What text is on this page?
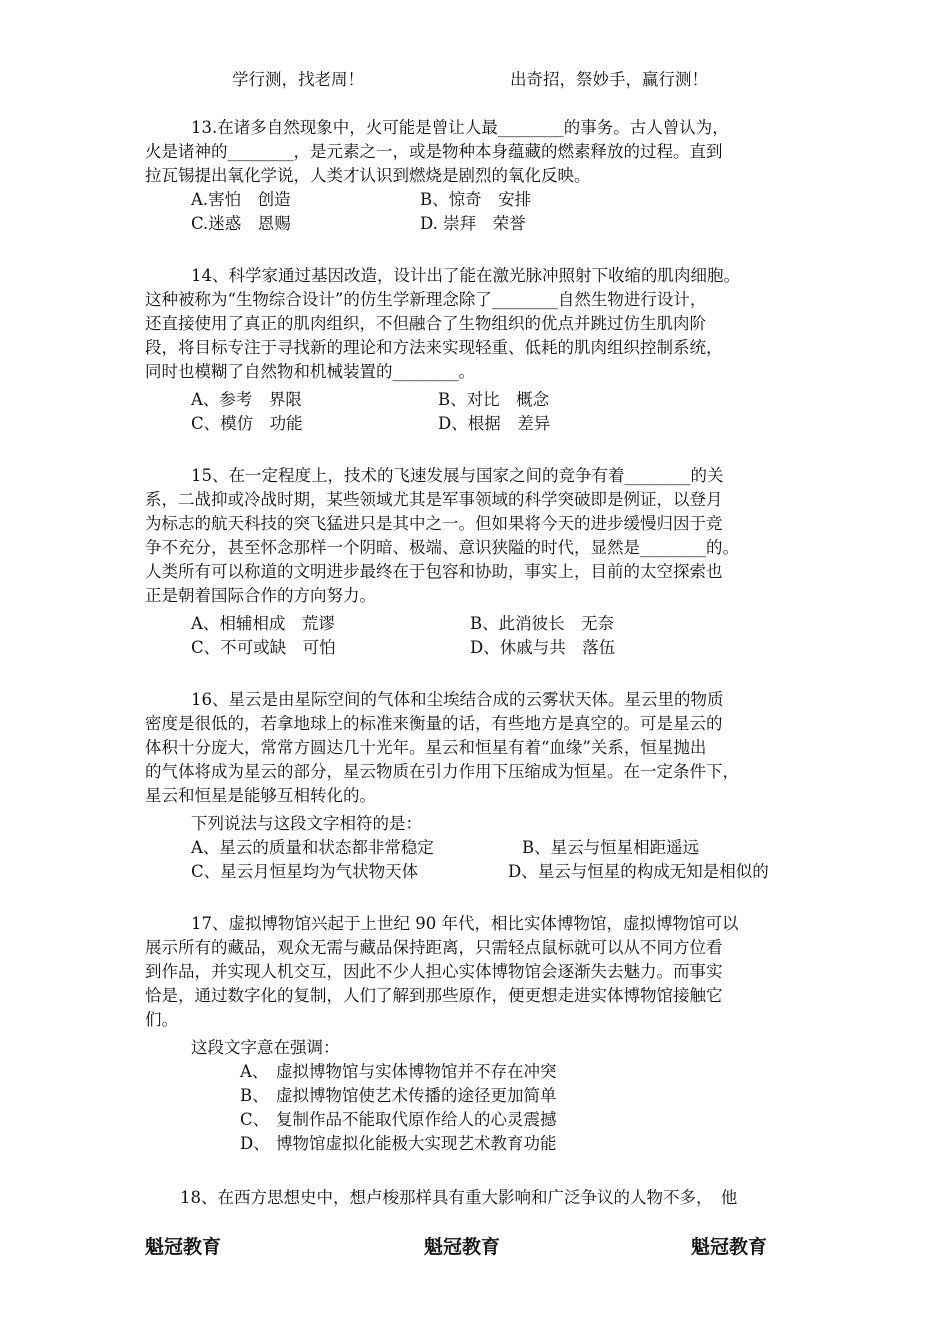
学行测，找老周！	出奇招，祭妙手，赢行测！
13.在诸多自然现象中，火可能是曾让人最________的事务。古人曾认为，
火是诸神的________，是元素之一，或是物种本身蕴藏的燃素释放的过程。直到
拉瓦锡提出氧化学说，人类才认识到燃烧是剧烈的氧化反映。
A.害怕　创造	B、惊奇　安排
C.迷惑　恩赐	D. 崇拜　荣誉
14、科学家通过基因改造，设计出了能在激光脉冲照射下收缩的肌肉细胞。
这种被称为“生物综合设计”的仿生学新理念除了________自然生物进行设计，
还直接使用了真正的肌肉组织，不但融合了生物组织的优点并跳过仿生肌肉阶
段，将目标专注于寻找新的理论和方法来实现轻重、低耗的肌肉组织控制系统，
同时也模糊了自然物和机械装置的________。
A、参考　界限	B、对比　概念
C、模仿　功能	D、根据　差异
15、在一定程度上，技术的飞速发展与国家之间的竞争有着________的关
系，二战抑或冷战时期，某些领域尤其是军事领域的科学突破即是例证，以登月
为标志的航天科技的突飞猛进只是其中之一。但如果将今天的进步缓慢归因于竞
争不充分，甚至怀念那样一个阴暗、极端、意识狭隘的时代，显然是________的。
人类所有可以称道的文明进步最终在于包容和协助，事实上，目前的太空探索也
正是朝着国际合作的方向努力。
A、相辅相成　荒谬	B、此消彼长　无奈
C、不可或缺　可怕	D、休戚与共　落伍
16、星云是由星际空间的气体和尘埃结合成的云雾状天体。星云里的物质
密度是很低的，若拿地球上的标准来衡量的话，有些地方是真空的。可是星云的
体积十分庞大，常常方圆达几十光年。星云和恒星有着“血缘”关系，恒星抛出
的气体将成为星云的部分，星云物质在引力作用下压缩成为恒星。在一定条件下，
星云和恒星是能够互相转化的。
下列说法与这段文字相符的是：
A、星云的质量和状态都非常稳定	B、星云与恒星相距遥远
C、星云月恒星均为气状物天体	D、星云与恒星的构成无知是相似的
17、虚拟博物馆兴起于上世纪 90 年代，相比实体博物馆，虚拟博物馆可以
展示所有的藏品，观众无需与藏品保持距离，只需轻点鼠标就可以从不同方位看
到作品，并实现人机交互，因此不少人担心实体博物馆会逐渐失去魅力。而事实
恰是，通过数字化的复制，人们了解到那些原作，便更想走进实体博物馆接触它
们。
这段文字意在强调：
A、 虚拟博物馆与实体博物馆并不存在冲突
B、 虚拟博物馆使艺术传播的途径更加简单
C、 复制作品不能取代原作给人的心灵震撼
D、 博物馆虚拟化能极大实现艺术教育功能
18、在西方思想史中，想卢梭那样具有重大影响和广泛争议的人物不多，　他
魁冠教育	魁冠教育	魁冠教育
